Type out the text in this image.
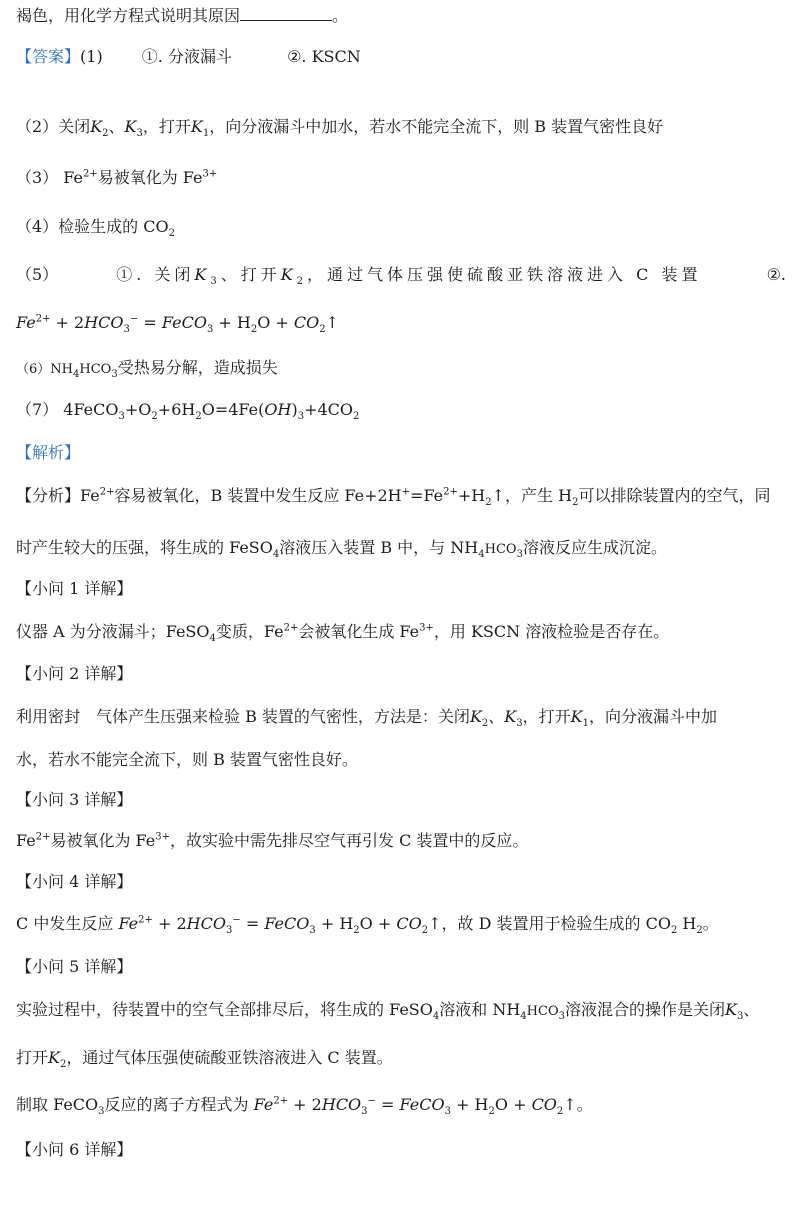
褐色，用化学方程式说明其原因	。
【答案】(1) ①. 分液漏斗	②. KSCN
（2）关闭$K_2$、$K_3$，打开$K_1$，向分液漏斗中加水，若水不能完全流下，则 B 装置气密性良好
（3） $Fe^{2+}$易被氧化为 $Fe^{3+}$
（4）检验生成的 $CO_2$
（5）	①. 关闭$K_3$、打开$K_2$，通过气体压强使硫酸亚铁溶液进入 C 装置	②.
$Fe^{2+} + 2HCO_3^-$ = FeCO$_3$ + $H_2O$ + $CO_2↑$
$(6)NH_4HCO_3$受热易分解，造成损失
（7） $4FeCO_3+O_2+6H_2O=4Fe(OH)_3+4CO_2$
【解析】
【分析】$Fe^{2+}$容易被氧化，B 装置中发生反应 $Fe+2H^+=Fe^{2+}+H_2↑$，产生 $H_2$可以排除装置内的空气，同
时产生较大的压强，将生成的 FeSO$_4$溶液压入装置 B 中，与 $NH_4HCO_3$溶液反应生成沉淀。
【小问 1 详解】
仪器 A 为分液漏斗；FeSO$_4$变质，$Fe^{2+}$会被氧化生成 $Fe^{3+}$，用 KSCN 溶液检验是否存在。
【小问 2 详解】
利用密封　气体产生压强来检验 B 装置的气密性，方法是：关闭$K_2$、$K_3$，打开$K_1$，向分液漏斗中加
水，若水不能完全流下，则 B 装置气密性良好。
【小问 3 详解】
$Fe^{2+}$易被氧化为 $Fe^{3+}$，故实验中需先排尽空气再引发 C 装置中的反应。
【小问 4 详解】
C 中发生反应 $Fe^{2+} + 2HCO_3^-$ = FeCO$_3$ + $H_2O$ + $CO_2↑$，故 D 装置用于检验生成的 $CO_2$ $H_2$。
【小问 5 详解】
实验过程中，待装置中的空气全部排尽后，将生成的 FeSO$_4$溶液和 $NH_4HCO_3$溶液混合的操作是关闭$K_3$、
打开$K_2$，通过气体压强使硫酸亚铁溶液进入 C 装置。
制取 FeCO$_3$反应的离子方程式为 $Fe^{2+} + 2HCO_3^-$ = FeCO$_3$ + $H_2O$ + $CO_2↑$。
【小问 6 详解】
